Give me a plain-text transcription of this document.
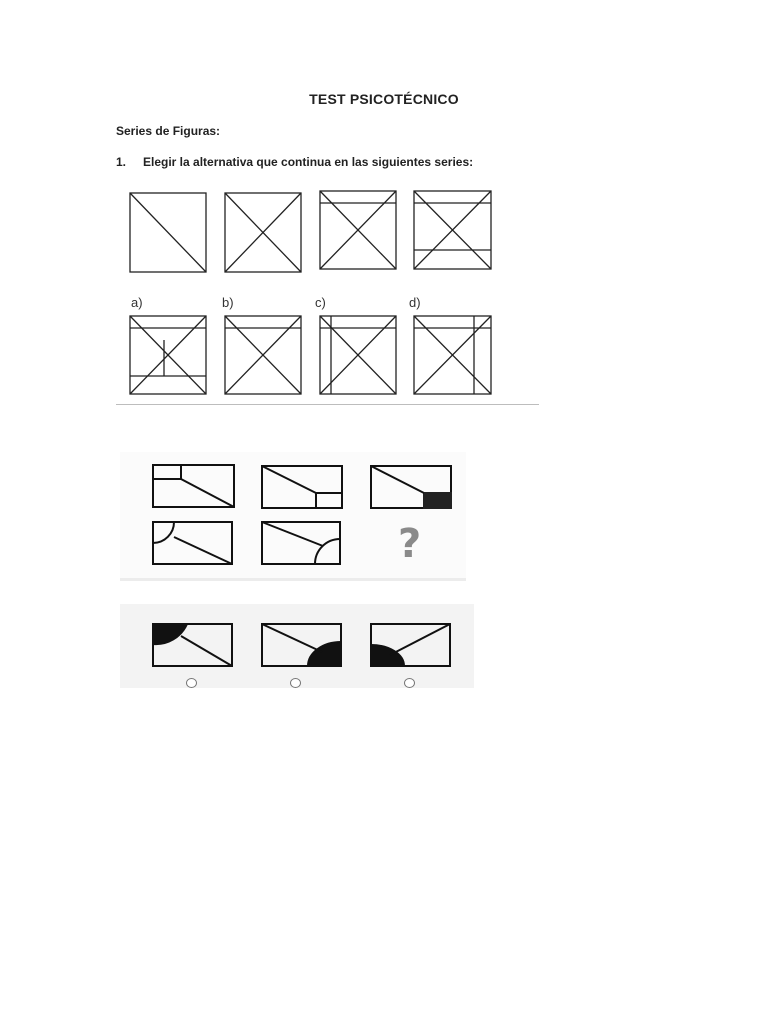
TEST PSICOTÉCNICO
Series de Figuras:
1. Elegir la alternativa que continua en las siguientes series:
a)	b)	c)	d)
?
